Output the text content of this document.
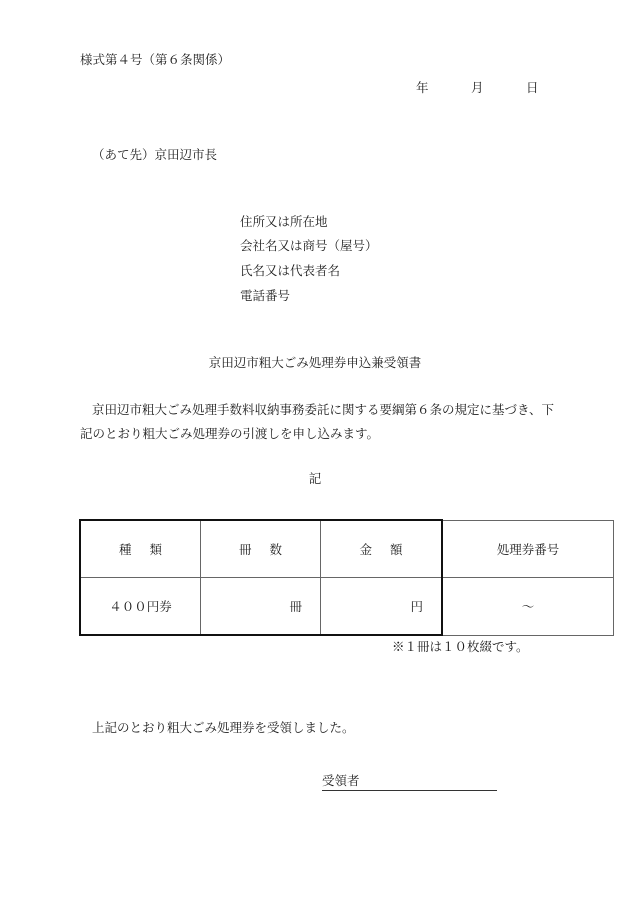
様式第４号（第６条関係）
年	月	日
（あて先）京田辺市長
住所又は所在地
会社名又は商号（屋号）
氏名又は代表者名
電話番号
京田辺市粗大ごみ処理券申込兼受領書
京田辺市粗大ごみ処理手数料収納事務委託に関する要綱第６条の規定に基づき、下記のとおり粗大ごみ処理券の引渡しを申し込みます。
記
種類	冊数	金額	処理券番号
４００円券	冊	円	～
※１冊は１０枚綴です。
上記のとおり粗大ごみ処理券を受領しました。
受領者
